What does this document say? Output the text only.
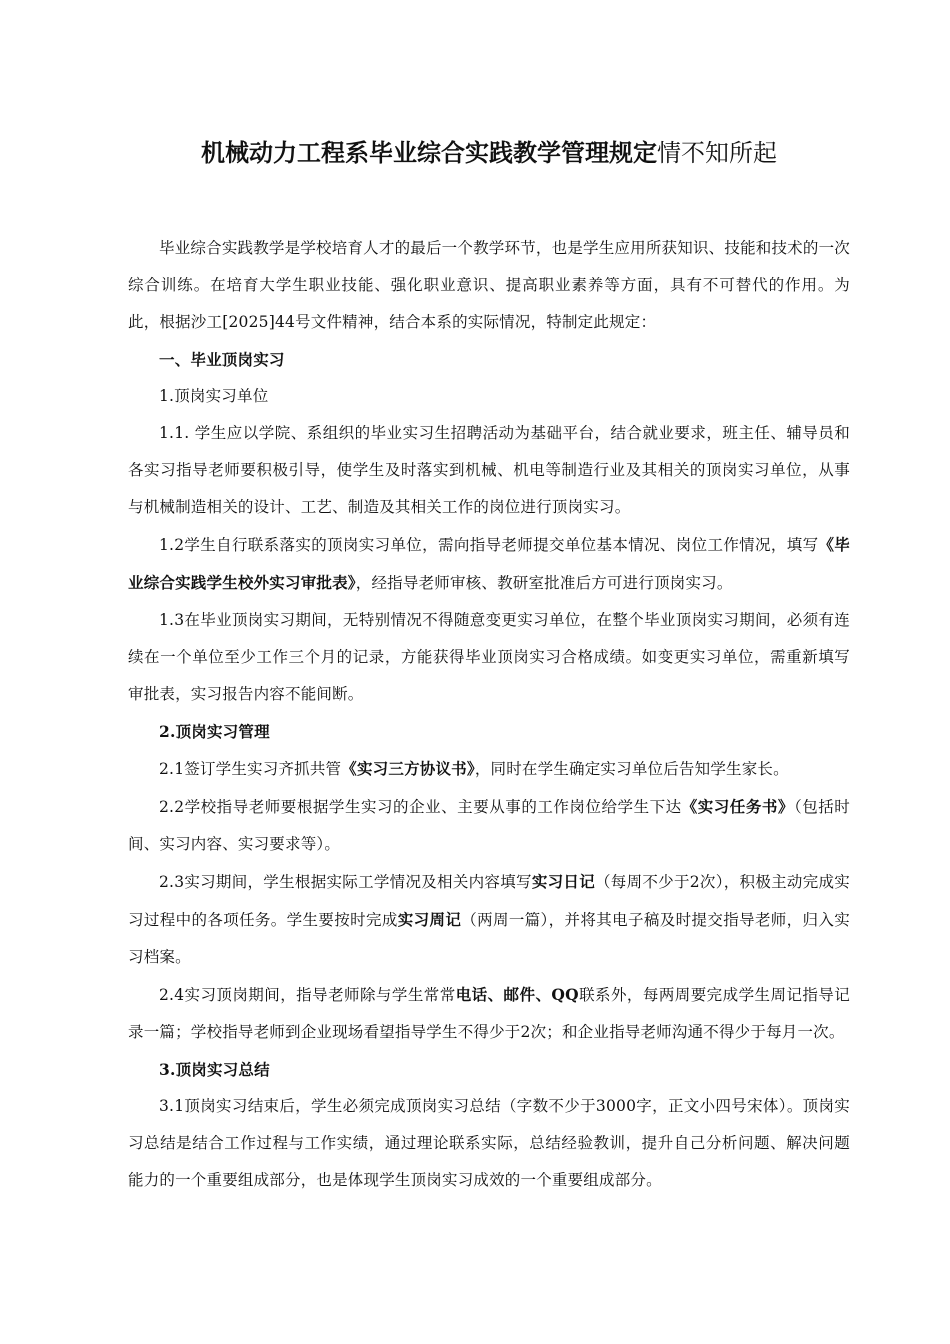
机械动力工程系毕业综合实践教学管理规定情不知所起

毕业综合实践教学是学校培育人才的最后一个教学环节，也是学生应用所获知识、技能和技术的一次综合训练。在培育大学生职业技能、强化职业意识、提高职业素养等方面，具有不可替代的作用。为此，根据沙工[2025]44号文件精神，结合本系的实际情况，特制定此规定：

一、毕业顶岗实习

1.顶岗实习单位

1.1. 学生应以学院、系组织的毕业实习生招聘活动为基础平台，结合就业要求，班主任、辅导员和各实习指导老师要积极引导，使学生及时落实到机械、机电等制造行业及其相关的顶岗实习单位，从事与机械制造相关的设计、工艺、制造及其相关工作的岗位进行顶岗实习。

1.2学生自行联系落实的顶岗实习单位，需向指导老师提交单位基本情况、岗位工作情况，填写《毕业综合实践学生校外实习审批表》，经指导老师审核、教研室批准后方可进行顶岗实习。

1.3在毕业顶岗实习期间，无特别情况不得随意变更实习单位，在整个毕业顶岗实习期间，必须有连续在一个单位至少工作三个月的记录，方能获得毕业顶岗实习合格成绩。如变更实习单位，需重新填写审批表，实习报告内容不能间断。

2.顶岗实习管理

2.1签订学生实习齐抓共管《实习三方协议书》，同时在学生确定实习单位后告知学生家长。

2.2学校指导老师要根据学生实习的企业、主要从事的工作岗位给学生下达《实习任务书》（包括时间、实习内容、实习要求等）。

2.3实习期间，学生根据实际工学情况及相关内容填写实习日记（每周不少于2次），积极主动完成实习过程中的各项任务。学生要按时完成实习周记（两周一篇），并将其电子稿及时提交指导老师，归入实习档案。

2.4实习顶岗期间，指导老师除与学生常常电话、邮件、QQ联系外，每两周要完成学生周记指导记录一篇；学校指导老师到企业现场看望指导学生不得少于2次；和企业指导老师沟通不得少于每月一次。

3.顶岗实习总结

3.1顶岗实习结束后，学生必须完成顶岗实习总结（字数不少于3000字，正文小四号宋体）。顶岗实习总结是结合工作过程与工作实绩，通过理论联系实际，总结经验教训，提升自己分析问题、解决问题能力的一个重要组成部分，也是体现学生顶岗实习成效的一个重要组成部分。
